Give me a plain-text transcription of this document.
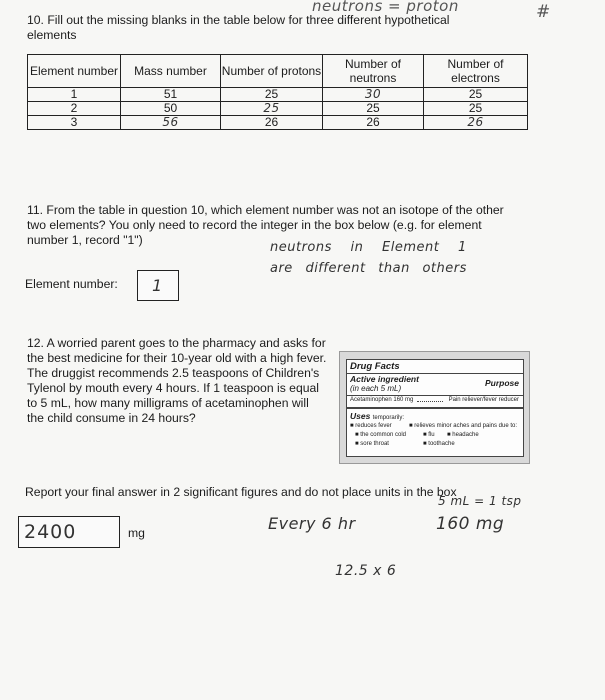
neutrons = proton	#
10. Fill out the missing blanks in the table below for three different hypothetical elements
Element number	Mass number	Number of protons	Number of neutrons	Number of electrons
1	51	25	30	25
2	50	25	25	25
3	56	26	26	26
11. From the table in question 10, which element number was not an isotope of the other two elements? You only need to record the integer in the box below (e.g. for element number 1, record "1")	neutrons in Element 1
are different than others
Element number: 1
12. A worried parent goes to the pharmacy and asks for the best medicine for their 10-year old with a high fever. The druggist recommends 2.5 teaspoons of Children's Tylenol by mouth every 4 hours. If 1 teaspoon is equal to 5 mL, how many milligrams of acetaminophen will the child consume in 24 hours?
Drug Facts
Active ingredient	Purpose
(in each 5 mL)
Acetaminophen 160 mg	Pain reliever/fever reducer
Uses temporarily:
■ reduces fever	■ relieves minor aches and pains due to:
■ the common cold	■ flu ■ headache
■ sore throat	■ toothache
Report your final answer in 2 significant figures and do not place units in the box
5 mL = 1 tsp
2400	mg	Every 6 hr	160 mg
12.5 x 6
